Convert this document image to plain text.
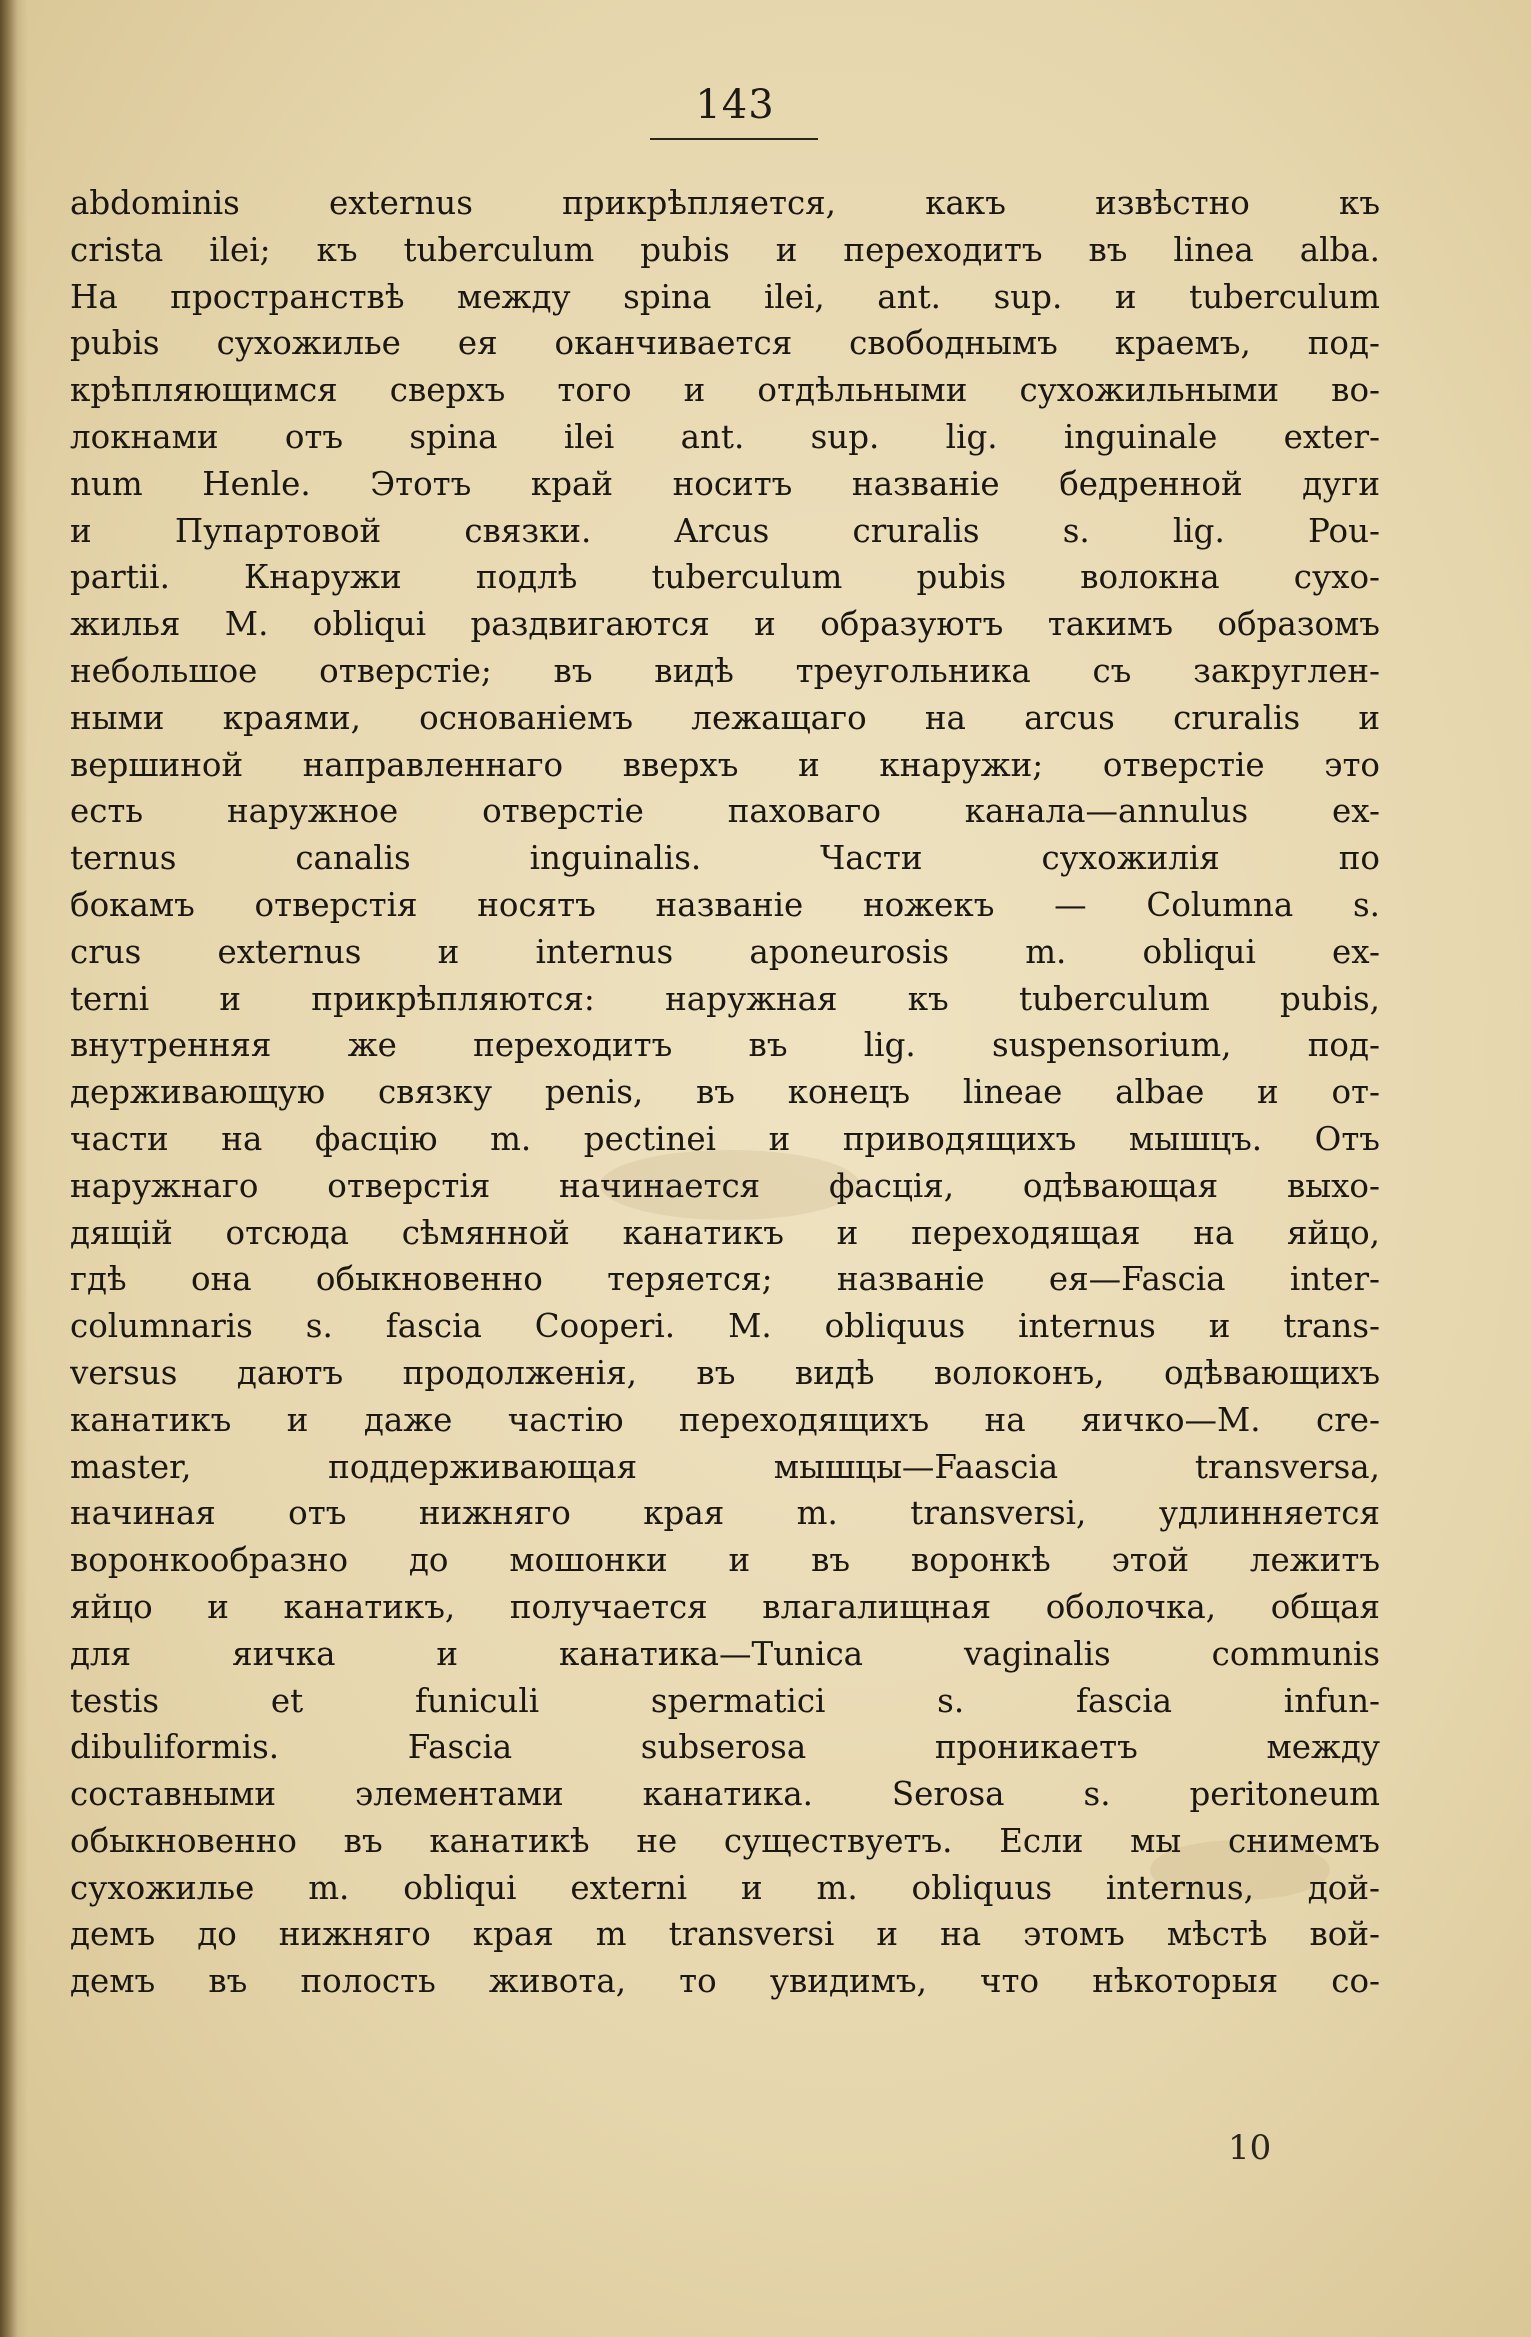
143
abdominis externus прикрѣпляется, какъ извѣстно къ
crista ilei; къ tuberculum pubis и переходитъ въ linea alba.
На пространствѣ между spina ilei, ant. sup. и tuberculum
pubis сухожилье ея оканчивается свободнымъ краемъ, под-
крѣпляющимся сверхъ того и отдѣльными сухожильными во-
локнами отъ spina ilei ant. sup. lig. inguinale exter-
num Henle. Этотъ край носитъ названіе бедренной дуги
и Пупартовой связки. Arcus cruralis s. lig. Pou-
partii. Кнаружи подлѣ tuberculum pubis волокна сухо-
жилья M. obliqui раздвигаются и образуютъ такимъ образомъ
небольшое отверстіе; въ видѣ треугольника съ закруглен-
ными краями, основаніемъ лежащаго на arcus cruralis и
вершиной направленнаго вверхъ и кнаружи; отверстіе это
есть наружное отверстіе паховаго канала—annulus ex-
ternus canalis inguinalis. Части сухожилія по
бокамъ отверстія носятъ названіе ножекъ — Columna s.
crus externus и internus aponeurosis m. obliqui ex-
terni и прикрѣпляются: наружная къ tuberculum pubis,
внутренняя же переходитъ въ lig. suspensorium, под-
держивающую связку penis, въ конецъ lineae albae и от-
части на фасцію m. pectinei и приводящихъ мышцъ. Отъ
наружнаго отверстія начинается фасція, одѣвающая выхо-
дящій отсюда сѣмянной канатикъ и переходящая на яйцо,
гдѣ она обыкновенно теряется; названіе ея—Fascia inter-
columnaris s. fascia Cooperi. M. obliquus internus и trans-
versus даютъ продолженія, въ видѣ волоконъ, одѣвающихъ
канатикъ и даже частію переходящихъ на яичко—M. cre-
master, поддерживающая мышцы—Faascia transversa,
начиная отъ нижняго края m. transversi, удлинняется
воронкообразно до мошонки и въ воронкѣ этой лежитъ
яйцо и канатикъ, получается влагалищная оболочка, общая
для яичка и канатика—Tunica vaginalis communis
testis et funiculi spermatici s. fascia infun-
dibuliformis. Fascia subserosa проникаетъ между
составными элементами канатика. Serosa s. peritoneum
обыкновенно въ канатикѣ не существуетъ. Если мы снимемъ
сухожилье m. obliqui externi и m. obliquus internus, дой-
демъ до нижняго края m transversi и на этомъ мѣстѣ вой-
демъ въ полость живота, то увидимъ, что нѣкоторыя со-
10
